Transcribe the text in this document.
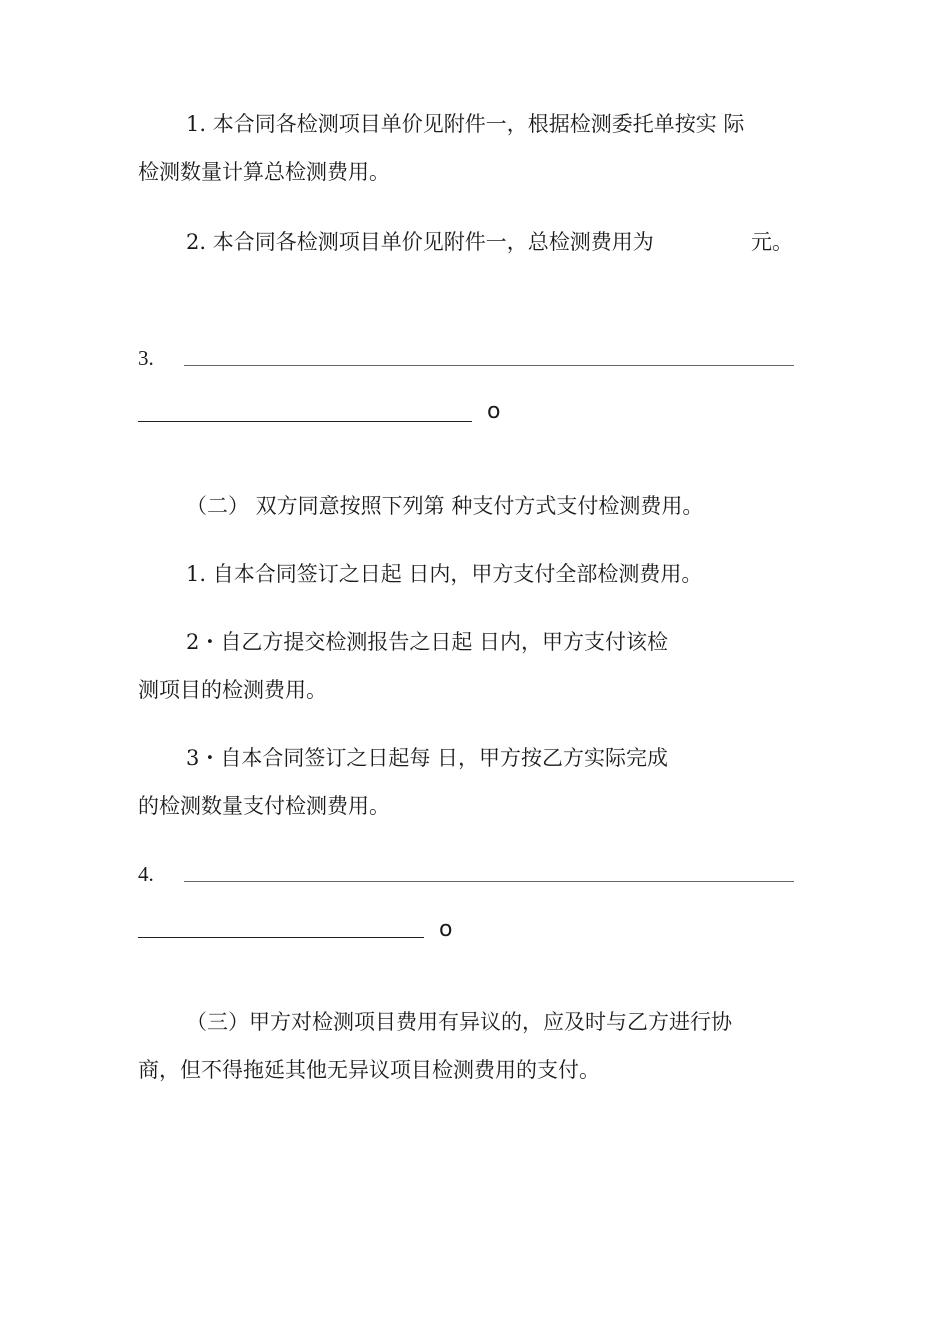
1. 本合同各检测项目单价见附件一，根据检测委托单按实 际
检测数量计算总检测费用。
2. 本合同各检测项目单价见附件一，总检测费用为	元。
3.
o
（二） 双方同意按照下列第 种支付方式支付检测费用。
1. 自本合同签订之日起 日内，甲方支付全部检测费用。
2・自乙方提交检测报告之日起 日内，甲方支付该检
测项目的检测费用。
3・自本合同签订之日起每 日，甲方按乙方实际完成
的检测数量支付检测费用。
4.
o
（三）甲方对检测项目费用有异议的，应及时与乙方进行协
商，但不得拖延其他无异议项目检测费用的支付。
